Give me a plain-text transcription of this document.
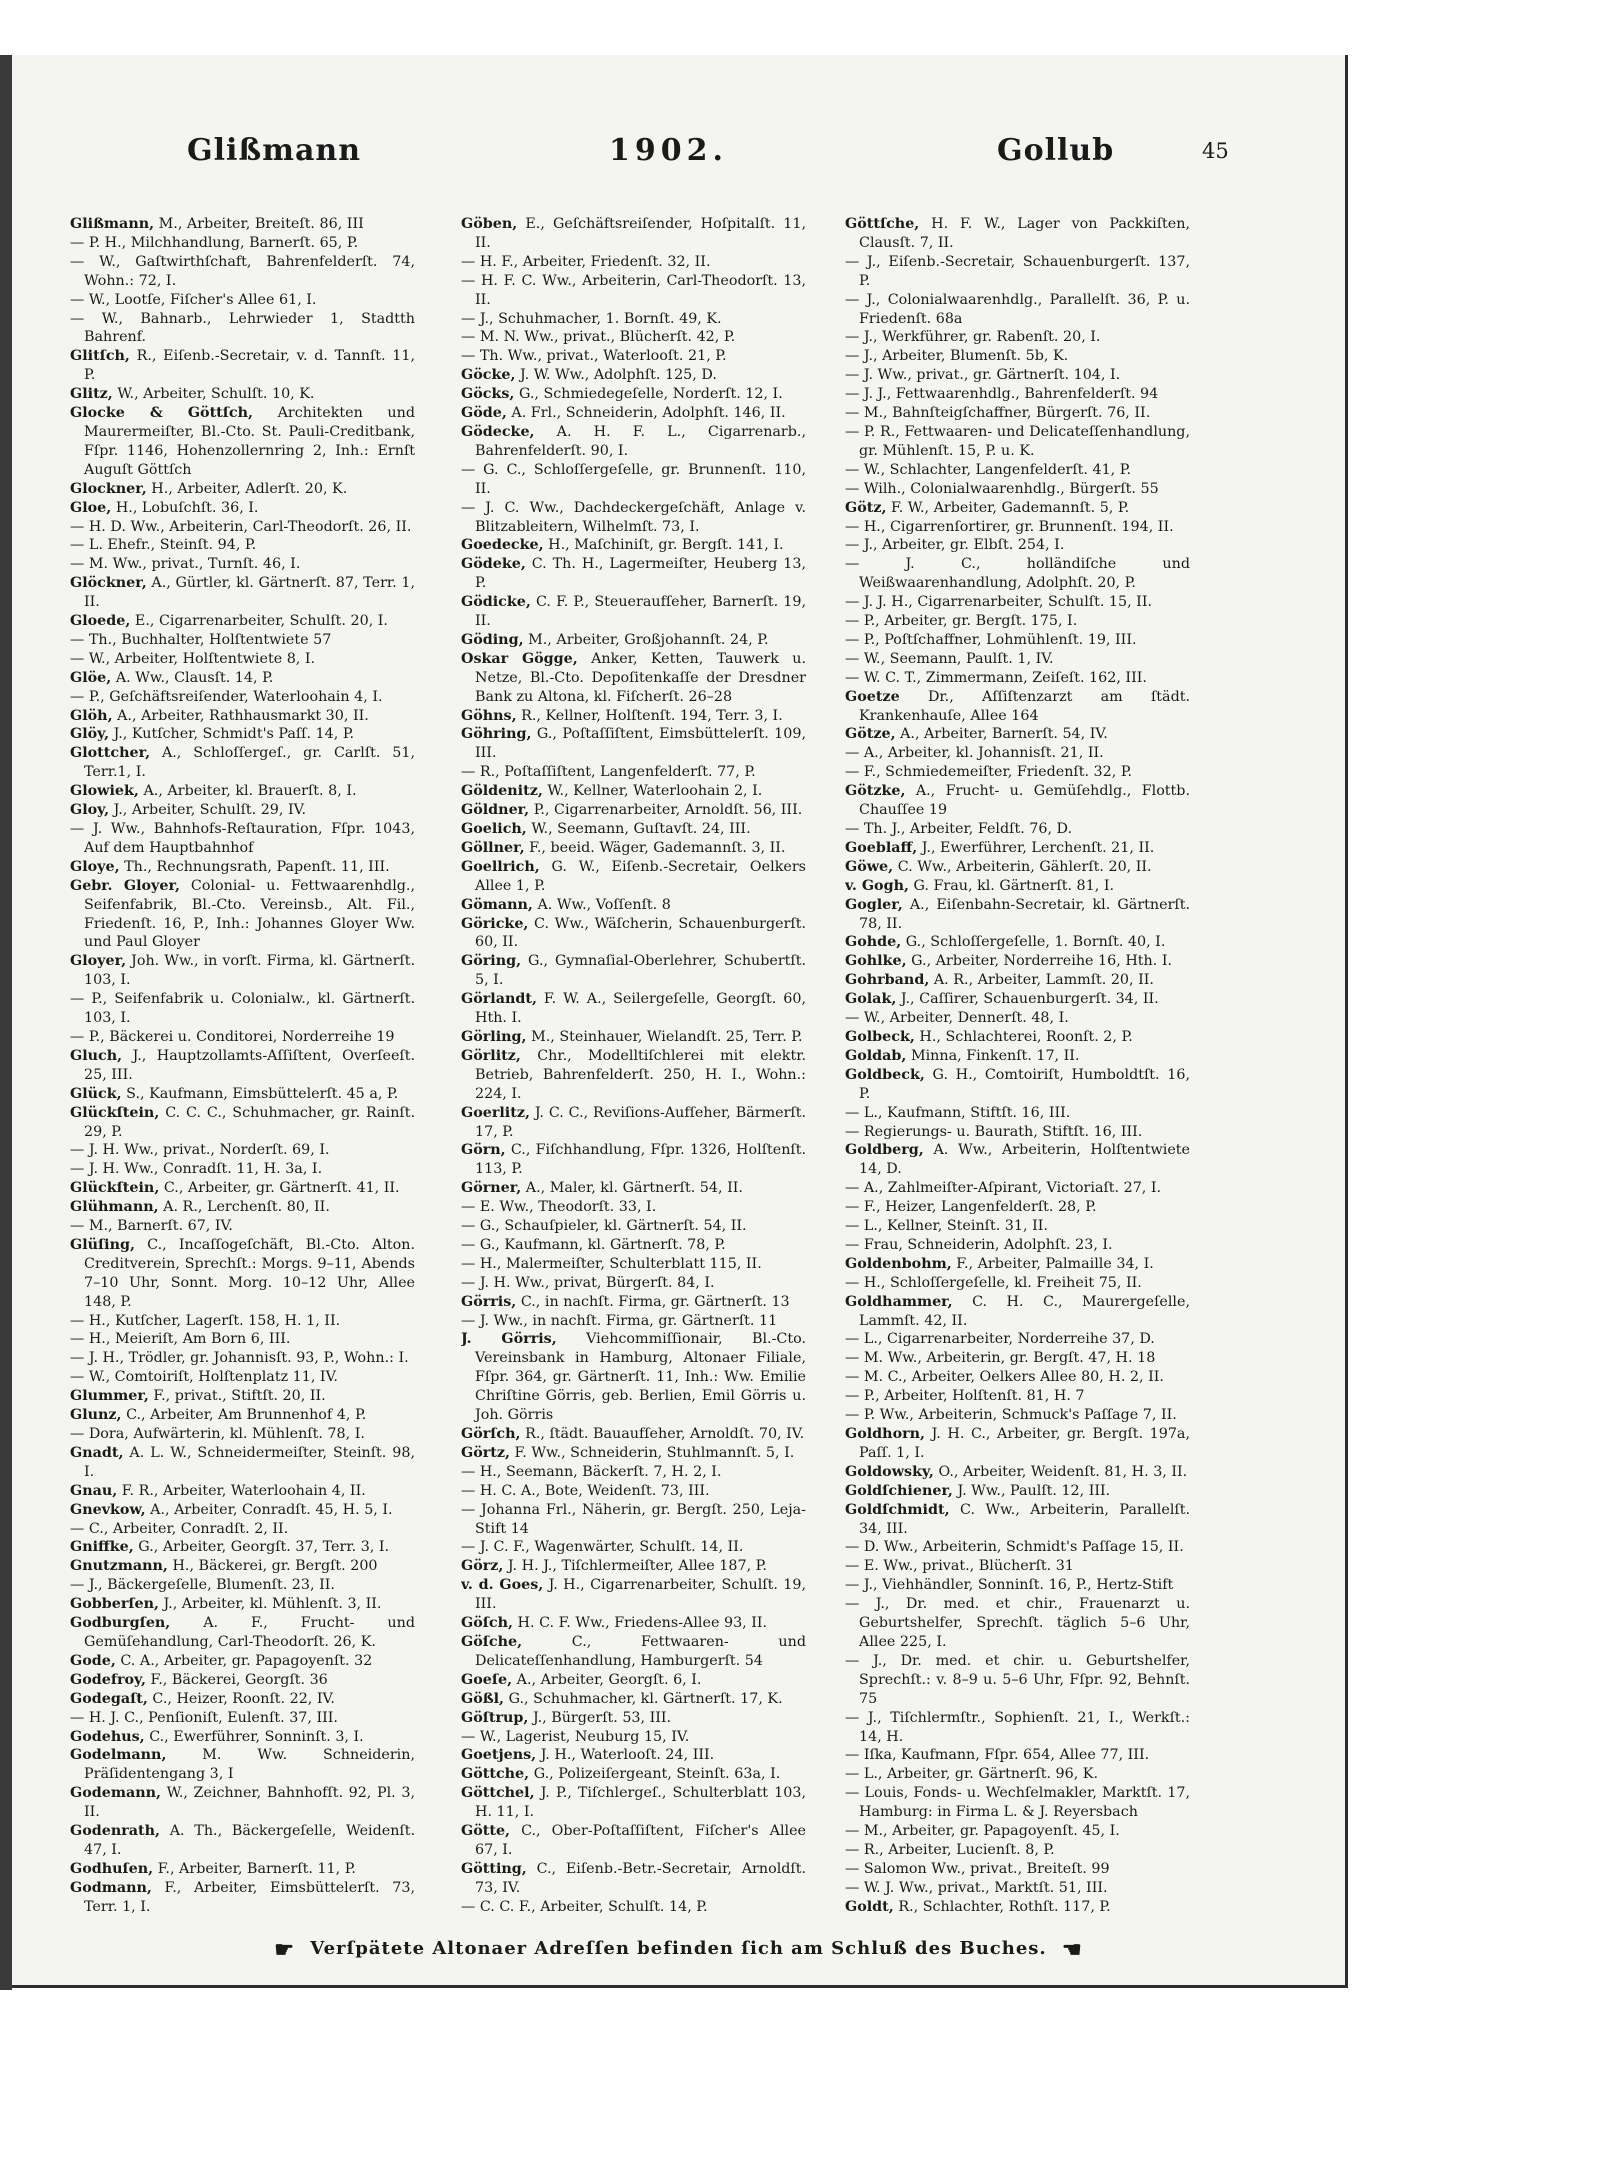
Glißmann	1902.	Gollub	45

Glißmann, M., Arbeiter, Breiteſt. 86, III

— P. H., Milchhandlung, Barnerſt. 65, P.

— W., Gaſtwirthſchaft, Bahrenfelderſt. 74, Wohn.: 72, I.

— W., Lootſe, Fiſcher's Allee 61, I.

— W., Bahnarb., Lehrwieder 1, Stadtth Bahrenf.

Glitſch, R., Eiſenb.-Secretair, v. d. Tannſt. 11, P.

Glitz, W., Arbeiter, Schulſt. 10, K.

Glocke & Göttſch, Architekten und Maurermeiſter, Bl.-Cto. St. Pauli-Creditbank, Fſpr. 1146, Hohenzollernring 2, Inh.: Ernſt Auguſt Göttſch

Glockner, H., Arbeiter, Adlerſt. 20, K.

Gloe, H., Lobuſchſt. 36, I.

— H. D. Ww., Arbeiterin, Carl-Theodorſt. 26, II.

— L. Ehefr., Steinſt. 94, P.

— M. Ww., privat., Turnſt. 46, I.

Glöckner, A., Gürtler, kl. Gärtnerſt. 87, Terr. 1, II.

Gloede, E., Cigarrenarbeiter, Schulſt. 20, I.

— Th., Buchhalter, Holſtentwiete 57

— W., Arbeiter, Holſtentwiete 8, I.

Glöe, A. Ww., Clausſt. 14, P.

— P., Geſchäftsreiſender, Waterloohain 4, I.

Glöh, A., Arbeiter, Rathhausmarkt 30, II.

Glöy, J., Kutſcher, Schmidt's Paſſ. 14, P.

Glottcher, A., Schloſſergeſ., gr. Carlſt. 51, Terr.1, I.

Glowiek, A., Arbeiter, kl. Brauerſt. 8, I.

Gloy, J., Arbeiter, Schulſt. 29, IV.

— J. Ww., Bahnhofs-Reſtauration, Fſpr. 1043, Auf dem Hauptbahnhof

Gloye, Th., Rechnungsrath, Papenſt. 11, III.

Gebr. Gloyer, Colonial- u. Fettwaarenhdlg., Seifenfabrik, Bl.-Cto. Vereinsb., Alt. Fil., Friedenſt. 16, P., Inh.: Johannes Gloyer Ww. und Paul Gloyer

Gloyer, Joh. Ww., in vorſt. Firma, kl. Gärtnerſt. 103, I.

— P., Seifenfabrik u. Colonialw., kl. Gärtnerſt. 103, I.

— P., Bäckerei u. Conditorei, Norderreihe 19

Gluch, J., Hauptzollamts-Aſſiſtent, Overſeeſt. 25, III.

Glück, S., Kaufmann, Eimsbüttelerſt. 45 a, P.

Glückſtein, C. C. C., Schuhmacher, gr. Rainſt. 29, P.

— J. H. Ww., privat., Norderſt. 69, I.

— J. H. Ww., Conradſt. 11, H. 3a, I.

Glückſtein, C., Arbeiter, gr. Gärtnerſt. 41, II.

Glühmann, A. R., Lerchenſt. 80, II.

— M., Barnerſt. 67, IV.

Glüſing, C., Incaſſogeſchäft, Bl.-Cto. Alton. Creditverein, Sprechſt.: Morgs. 9–11, Abends 7–10 Uhr, Sonnt. Morg. 10–12 Uhr, Allee 148, P.

— H., Kutſcher, Lagerſt. 158, H. 1, II.

— H., Meieriſt, Am Born 6, III.

— J. H., Trödler, gr. Johannisſt. 93, P., Wohn.: I.

— W., Comtoiriſt, Holſtenplatz 11, IV.

Glummer, F., privat., Stiftſt. 20, II.

Glunz, C., Arbeiter, Am Brunnenhof 4, P.

— Dora, Aufwärterin, kl. Mühlenſt. 78, I.

Gnadt, A. L. W., Schneidermeiſter, Steinſt. 98, I.

Gnau, F. R., Arbeiter, Waterloohain 4, II.

Gnevkow, A., Arbeiter, Conradſt. 45, H. 5, I.

— C., Arbeiter, Conradſt. 2, II.

Gniffke, G., Arbeiter, Georgſt. 37, Terr. 3, I.

Gnutzmann, H., Bäckerei, gr. Bergſt. 200

— J., Bäckergeſelle, Blumenſt. 23, II.

Gobberſen, J., Arbeiter, kl. Mühlenſt. 3, II.

Godburgſen, A. F., Frucht- und Gemüſehandlung, Carl-Theodorſt. 26, K.

Gode, C. A., Arbeiter, gr. Papagoyenſt. 32

Godefroy, F., Bäckerei, Georgſt. 36

Godegaſt, C., Heizer, Roonſt. 22, IV.

— H. J. C., Penſioniſt, Eulenſt. 37, III.

Godehus, C., Ewerführer, Sonninſt. 3, I.

Godelmann,	M. Ww. Schneiderin, Präſidentengang 3, I

Godemann, W., Zeichner, Bahnhofſt. 92, Pl. 3, II.

Godenrath, A. Th., Bäckergeſelle, Weidenſt. 47, I.

Godhuſen, F., Arbeiter, Barnerſt. 11, P.

Godmann, F., Arbeiter, Eimsbüttelerſt. 73, Terr. 1, I.

Göben, E., Geſchäftsreiſender, Hoſpitalſt. 11, II.

— H. F., Arbeiter, Friedenſt. 32, II.

— H. F. C. Ww., Arbeiterin, Carl-Theodorſt. 13, II.

— J., Schuhmacher, 1. Bornſt. 49, K.

— M. N. Ww., privat., Blücherſt. 42, P.

— Th. Ww., privat., Waterlooſt. 21, P.

Göcke, J. W. Ww., Adolphſt. 125, D.

Göcks, G., Schmiedegeſelle, Norderſt. 12, I.

Göde, A. Frl., Schneiderin, Adolphſt. 146, II.

Gödecke, A. H. F. L., Cigarrenarb., Bahrenfelderſt. 90, I.

— G. C., Schloſſergeſelle, gr. Brunnenſt. 110, II.

— J. C. Ww., Dachdeckergeſchäft, Anlage v. Blitzableitern, Wilhelmſt. 73, I.

Goedecke, H., Maſchiniſt, gr. Bergſt. 141, I.

Gödeke, C. Th. H., Lagermeiſter, Heuberg 13, P.

Gödicke, C. F. P., Steueraufſeher, Barnerſt. 19, II.

Göding, M., Arbeiter, Großjohannſt. 24, P.

Oskar Gögge, Anker, Ketten, Tauwerk u. Netze, Bl.-Cto. Depoſitenkaſſe der Dresdner Bank zu Altona, kl. Fiſcherſt. 26–28

Göhns, R., Kellner, Holſtenſt. 194, Terr. 3, I.

Göhring, G., Poſtaſſiſtent, Eimsbüttelerſt. 109, III.

— R., Poſtaſſiſtent, Langenfelderſt. 77, P.

Göldenitz, W., Kellner, Waterloohain 2, I.

Göldner, P., Cigarrenarbeiter, Arnoldſt. 56, III.

Goelich, W., Seemann, Guſtavſt. 24, III.

Göllner, F., beeid. Wäger, Gademannſt. 3, II.

Goellrich, G. W., Eiſenb.-Secretair, Oelkers Allee 1, P.

Gömann, A. Ww., Voſſenſt. 8

Göricke, C. Ww., Wäſcherin, Schauenburgerſt. 60, II.

Göring, G., Gymnaſial-Oberlehrer, Schubertſt. 5, I.

Görlandt, F. W. A., Seilergeſelle, Georgſt. 60, Hth. I.

Görling, M., Steinhauer, Wielandſt. 25, Terr. P.

Görlitz, Chr., Modelltiſchlerei mit elektr. Betrieb, Bahrenfelderſt. 250, H. I., Wohn.: 224, I.

Goerlitz, J. C. C., Reviſions-Aufſeher, Bärmerſt. 17, P.

Görn, C., Fiſchhandlung, Fſpr. 1326, Holſtenſt. 113, P.

Görner, A., Maler, kl. Gärtnerſt. 54, II.

— E. Ww., Theodorſt. 33, I.

— G., Schauſpieler, kl. Gärtnerſt. 54, II.

— G., Kaufmann, kl. Gärtnerſt. 78, P.

— H., Malermeiſter, Schulterblatt 115, II.

— J. H. Ww., privat, Bürgerſt. 84, I.

Görris, C., in nachſt. Firma, gr. Gärtnerſt. 13

— J. Ww., in nachſt. Firma, gr. Gärtnerſt. 11

J. Görris, Viehcommiſſionair, Bl.-Cto. Vereinsbank in Hamburg, Altonaer Filiale, Fſpr. 364, gr. Gärtnerſt. 11, Inh.: Ww. Emilie Chriſtine Görris, geb. Berlien, Emil Görris u. Joh. Görris

Görſch, R., ſtädt. Bauaufſeher, Arnoldſt. 70, IV.

Görtz, F. Ww., Schneiderin, Stuhlmannſt. 5, I.

— H., Seemann, Bäckerſt. 7, H. 2, I.

— H. C. A., Bote, Weidenſt. 73, III.

— Johanna Frl., Näherin, gr. Bergſt. 250, Leja-Stift 14

— J. C. F., Wagenwärter, Schulſt. 14, II.

Görz, J. H. J., Tiſchlermeiſter, Allee 187, P.

v. d. Goes, J. H., Cigarrenarbeiter, Schulſt. 19, III.

Göſch, H. C. F. Ww., Friedens-Allee 93, II.

Göſche,	C., Fettwaaren- und Delicateſſenhandlung, Hamburgerſt. 54

Goeſe, A., Arbeiter, Georgſt. 6, I.

Gößl, G., Schuhmacher, kl. Gärtnerſt. 17, K.

Göſtrup, J., Bürgerſt. 53, III.

— W., Lagerist, Neuburg 15, IV.

Goetjens, J. H., Waterlooſt. 24, III.

Göttche, G., Polizeiſergeant, Steinſt. 63a, I.

Göttchel, J. P., Tiſchlergeſ., Schulterblatt 103, H. 11, I.

Götte, C., Ober-Poſtaſſiſtent, Fiſcher's Allee 67, I.

Götting, C., Eiſenb.-Betr.-Secretair, Arnoldſt. 73, IV.

— C. C. F., Arbeiter, Schulſt. 14, P.

Göttſche, H. F. W., Lager von Packkiſten, Clausſt. 7, II.

— J., Eiſenb.-Secretair, Schauenburgerſt. 137, P.

— J., Colonialwaarenhdlg., Parallelſt. 36, P. u. Friedenſt. 68a

— J., Werkführer, gr. Rabenſt. 20, I.

— J., Arbeiter, Blumenſt. 5b, K.

— J. Ww., privat., gr. Gärtnerſt. 104, I.

— J. J., Fettwaarenhdlg., Bahrenfelderſt. 94

— M., Bahnſteigſchaffner, Bürgerſt. 76, II.

— P. R., Fettwaaren- und Delicateſſenhandlung, gr. Mühlenſt. 15, P. u. K.

— W., Schlachter, Langenfelderſt. 41, P.

— Wilh., Colonialwaarenhdlg., Bürgerſt. 55

Götz, F. W., Arbeiter, Gademannſt. 5, P.

— H., Cigarrenſortirer, gr. Brunnenſt. 194, II.

— J., Arbeiter, gr. Elbſt. 254, I.

— J. C., holländiſche und Weißwaarenhandlung, Adolphſt. 20, P.

— J. J. H., Cigarrenarbeiter, Schulſt. 15, II.

— P., Arbeiter, gr. Bergſt. 175, I.

— P., Poſtſchaffner, Lohmühlenſt. 19, III.

— W., Seemann, Paulſt. 1, IV.

— W. C. T., Zimmermann, Zeiſeſt. 162, III.

Goetze Dr., Aſſiſtenzarzt am ſtädt. Krankenhauſe, Allee 164

Götze, A., Arbeiter, Barnerſt. 54, IV.

— A., Arbeiter, kl. Johannisſt. 21, II.

— F., Schmiedemeiſter, Friedenſt. 32, P.

Götzke, A., Frucht- u. Gemüſehdlg., Flottb. Chauſſee 19

— Th. J., Arbeiter, Feldſt. 76, D.

Goeblaff, J., Ewerführer, Lerchenſt. 21, II.

Göwe, C. Ww., Arbeiterin, Gählerſt. 20, II.

v. Gogh, G. Frau, kl. Gärtnerſt. 81, I.

Gogler, A., Eiſenbahn-Secretair, kl. Gärtnerſt. 78, II.

Gohde, G., Schloſſergeſelle, 1. Bornſt. 40, I.

Gohlke, G., Arbeiter, Norderreihe 16, Hth. I.

Gohrband, A. R., Arbeiter, Lammſt. 20, II.

Golak, J., Caſſirer, Schauenburgerſt. 34, II.

— W., Arbeiter, Dennerſt. 48, I.

Golbeck, H., Schlachterei, Roonſt. 2, P.

Goldab, Minna, Finkenſt. 17, II.

Goldbeck, G. H., Comtoiriſt, Humboldtſt. 16, P.

— L., Kaufmann, Stiftſt. 16, III.

— Regierungs- u. Baurath, Stiftſt. 16, III.

Goldberg, A. Ww., Arbeiterin, Holſtentwiete 14, D.

— A., Zahlmeiſter-Aſpirant, Victoriaſt. 27, I.

— F., Heizer, Langenfelderſt. 28, P.

— L., Kellner, Steinſt. 31, II.

— Frau, Schneiderin, Adolphſt. 23, I.

Goldenbohm, F., Arbeiter, Palmaille 34, I.

— H., Schloſſergeſelle, kl. Freiheit 75, II.

Goldhammer, C. H. C., Maurergeſelle, Lammſt. 42, II.

— L., Cigarrenarbeiter, Norderreihe 37, D.

— M. Ww., Arbeiterin, gr. Bergſt. 47, H. 18

— M. C., Arbeiter, Oelkers Allee 80, H. 2, II.

— P., Arbeiter, Holſtenſt. 81, H. 7

— P. Ww., Arbeiterin, Schmuck's Paſſage 7, II.

Goldhorn, J. H. C., Arbeiter, gr. Bergſt. 197a, Paſſ. 1, I.

Goldowsky, O., Arbeiter, Weidenſt. 81, H. 3, II.

Goldſchiener, J. Ww., Paulſt. 12, III.

Goldſchmidt, C. Ww., Arbeiterin, Parallelſt. 34, III.

— D. Ww., Arbeiterin, Schmidt's Paſſage 15, II.

— E. Ww., privat., Blücherſt. 31

— J., Viehhändler, Sonninſt. 16, P., Hertz-Stift

— J., Dr. med. et chir., Frauenarzt u. Geburtshelfer, Sprechſt. täglich 5–6 Uhr, Allee 225, I.

— J., Dr. med. et chir. u. Geburtshelfer, Sprechſt.: v. 8–9 u. 5–6 Uhr, Fſpr. 92, Behnſt. 75

— J., Tiſchlermſtr., Sophienſt. 21, I., Werkſt.: 14, H.

— Iſka, Kaufmann, Fſpr. 654, Allee 77, III.

— L., Arbeiter, gr. Gärtnerſt. 96, K.

— Louis, Fonds- u. Wechſelmakler, Marktſt. 17, Hamburg: in Firma L. & J. Reyersbach

— M., Arbeiter, gr. Papagoyenſt. 45, I.

— R., Arbeiter, Lucienſt. 8, P.

— Salomon Ww., privat., Breiteſt. 99

— W. J. Ww., privat., Marktſt. 51, III.

Goldt, R., Schlachter, Rothſt. 117, P.

☛ Verſpätete Altonaer Adreſſen befinden ſich am Schluß des Buches. ☚
